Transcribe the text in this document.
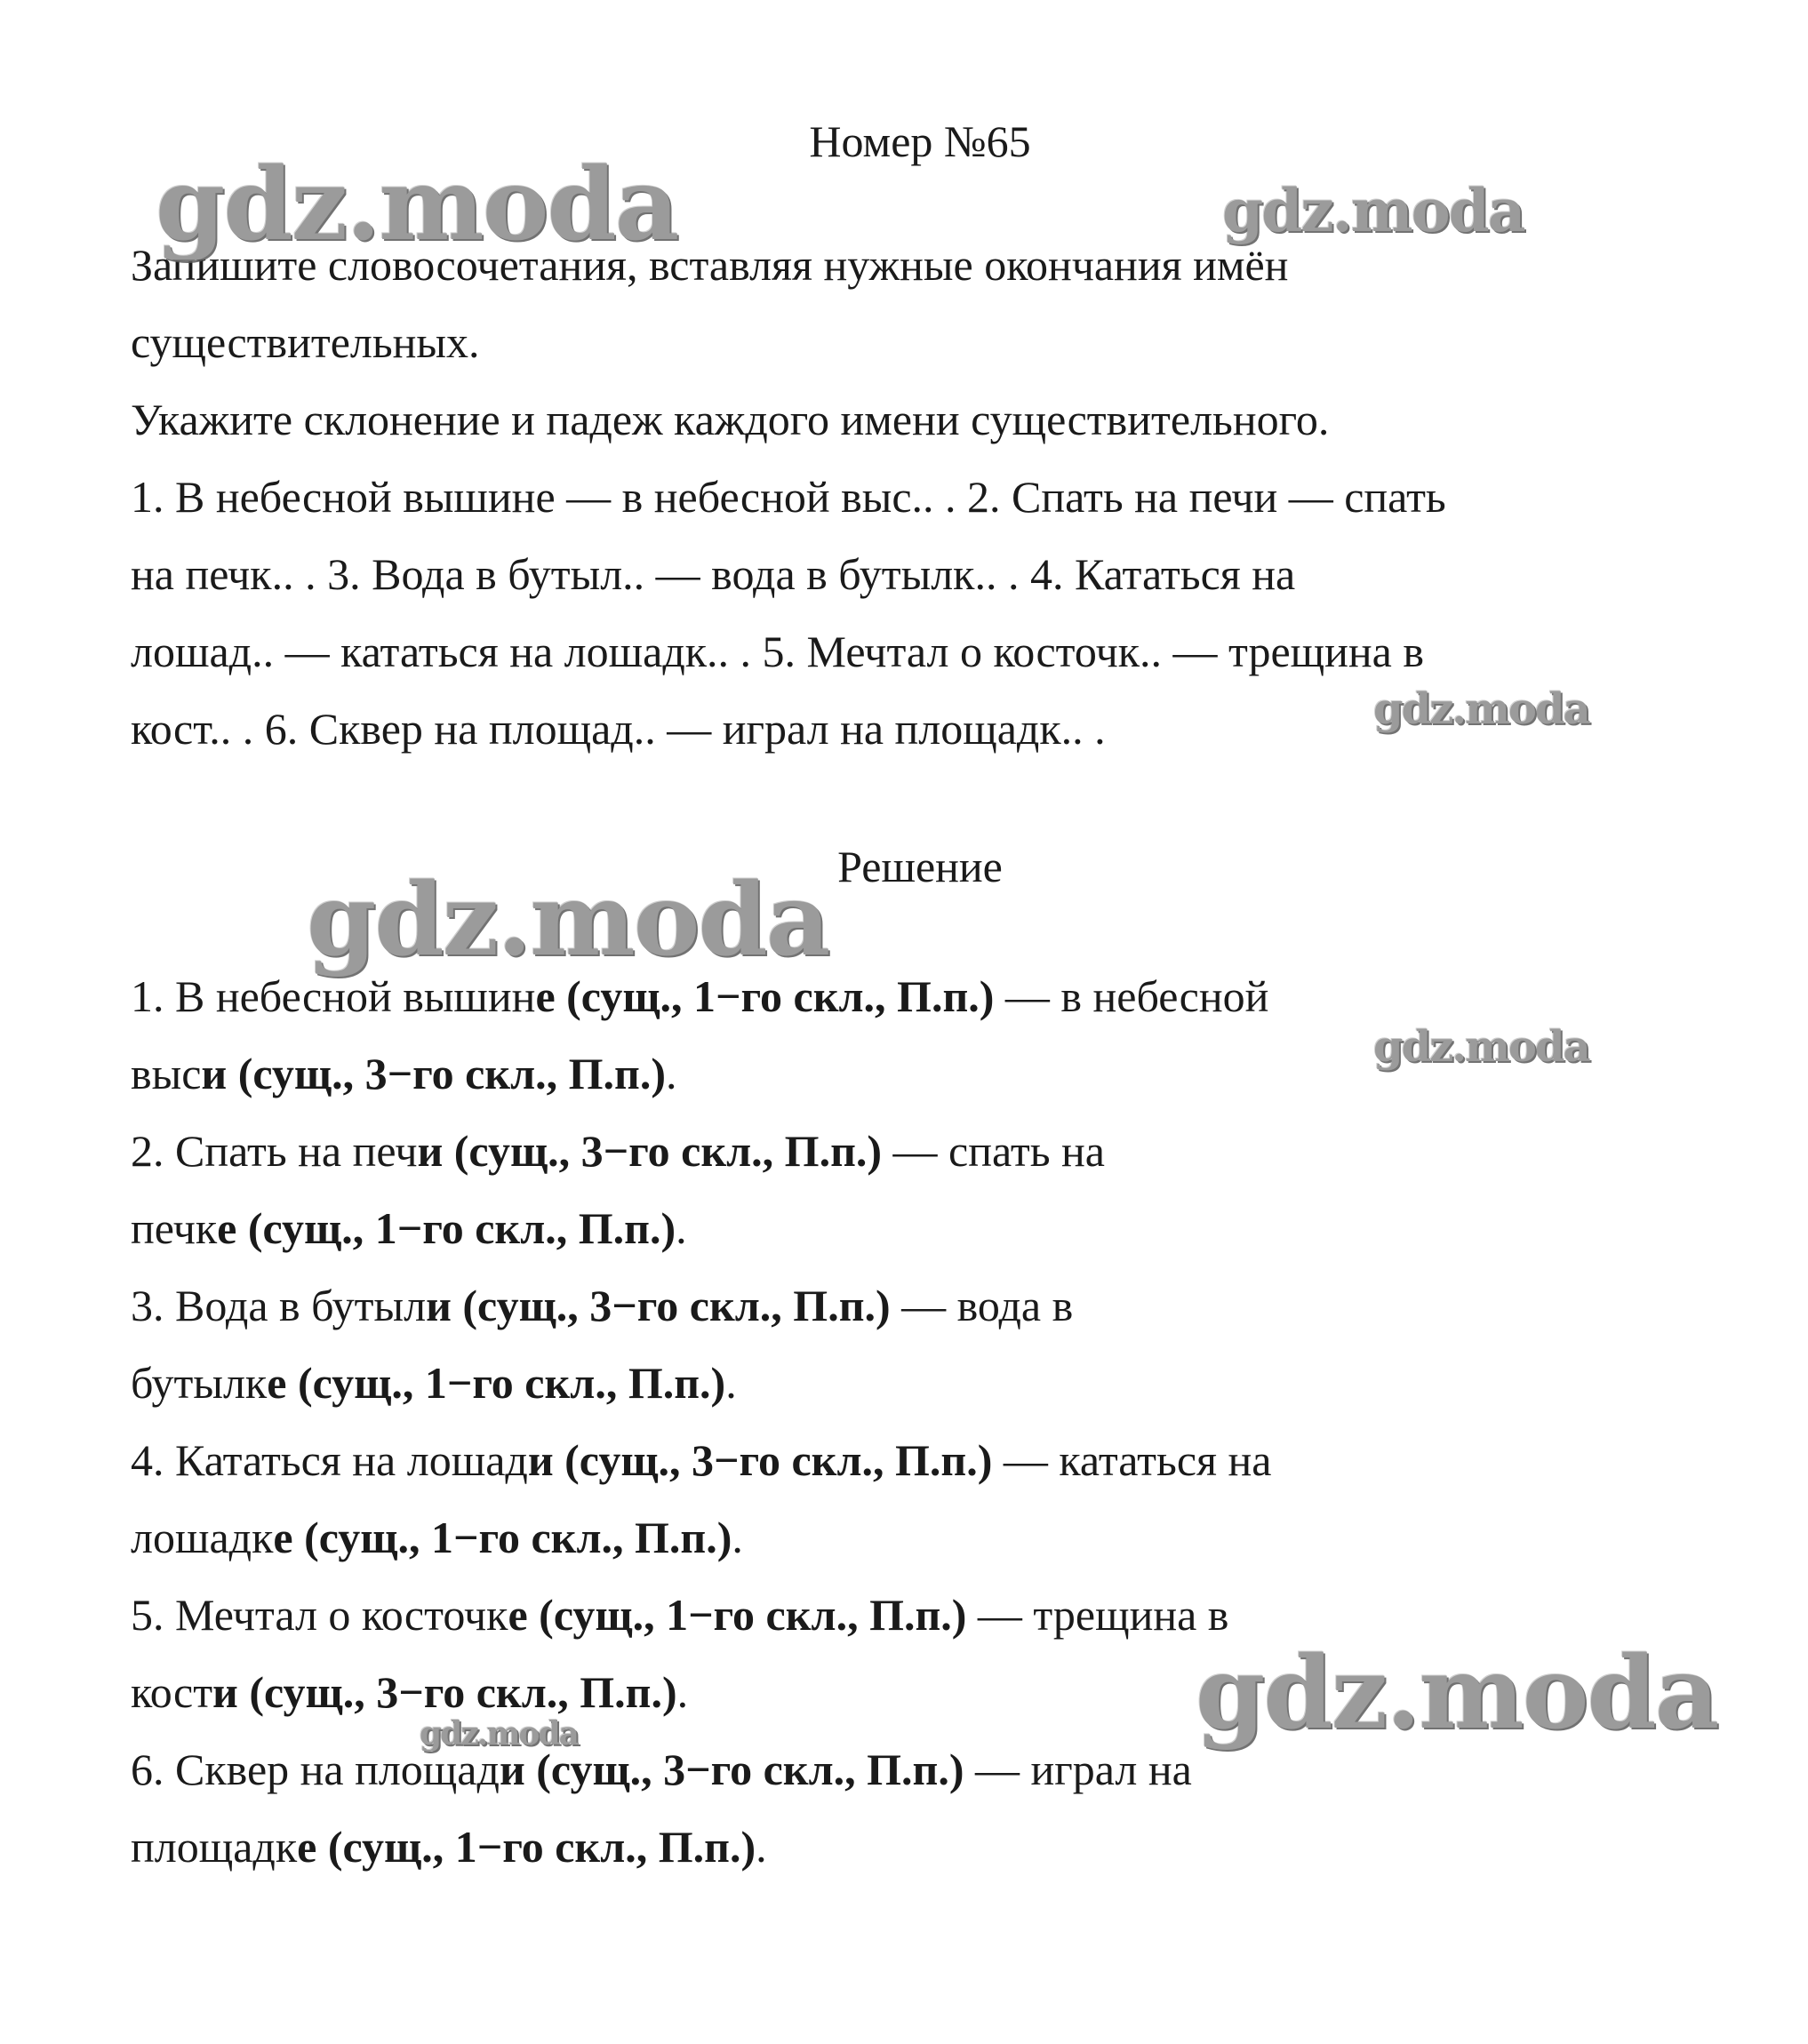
Номер №65
Запишите словосочетания, вставляя нужные окончания имён
существительных.
Укажите склонение и падеж каждого имени существительного.
1. В небесной вышине — в небесной выс.. . 2. Спать на печи — спать
на печк.. . 3. Вода в бутыл.. — вода в бутылк.. . 4. Кататься на
лошад.. — кататься на лошадк.. . 5. Мечтал о косточк.. — трещина в
кост.. . 6. Сквер на площад.. — играл на площадк.. .
Решение
1. В небесной вышине (сущ., 1−го скл., П.п.) — в небесной
выси (сущ., 3−го скл., П.п.).
2. Спать на печи (сущ., 3−го скл., П.п.) — спать на
печке (сущ., 1−го скл., П.п.).
3. Вода в бутыли (сущ., 3−го скл., П.п.) — вода в
бутылке (сущ., 1−го скл., П.п.).
4. Кататься на лошади (сущ., 3−го скл., П.п.) — кататься на
лошадке (сущ., 1−го скл., П.п.).
5. Мечтал о косточке (сущ., 1−го скл., П.п.) — трещина в
кости (сущ., 3−го скл., П.п.).
6. Сквер на площади (сущ., 3−го скл., П.п.) — играл на
площадке (сущ., 1−го скл., П.п.).
gdz.moda	gdz.moda
gdz.moda
gdz.moda
gdz.moda
gdz.moda
gdz.moda
